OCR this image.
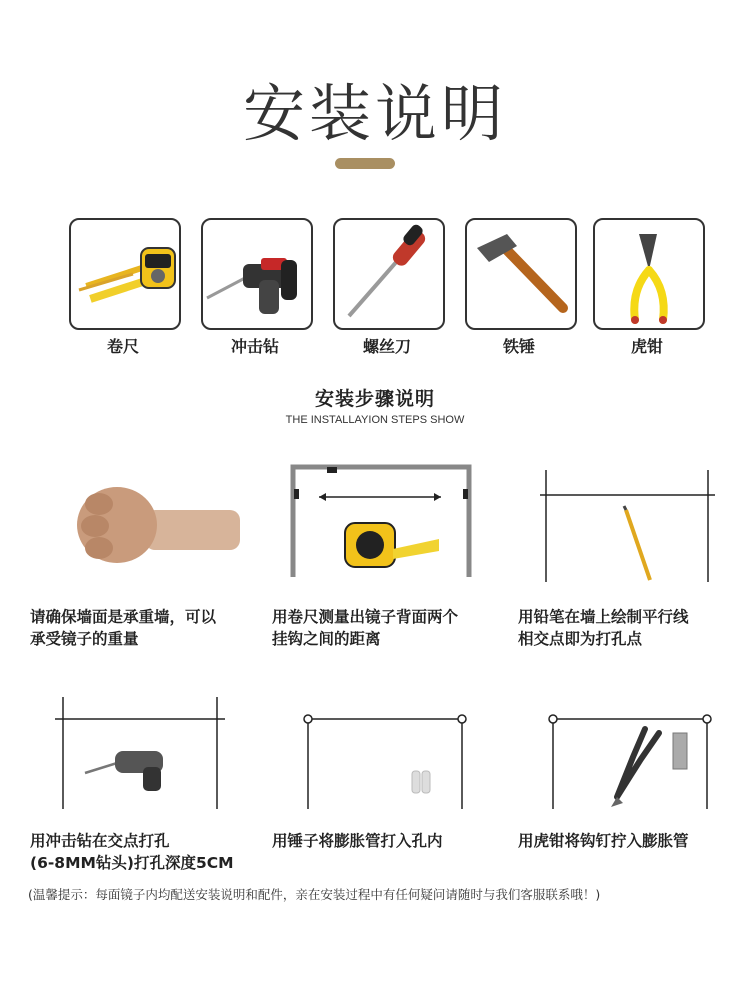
安装说明
卷尺	冲击钻	螺丝刀	铁锤	虎钳
安装步骤说明
THE INSTALLAYION STEPS SHOW
请确保墙面是承重墙，可以
承受镜子的重量
用卷尺测量出镜子背面两个
挂钩之间的距离
用铅笔在墙上绘制平行线
相交点即为打孔点
用冲击钻在交点打孔
(6-8MM钻头)打孔深度5CM
用锤子将膨胀管打入孔内	用虎钳将钩钉拧入膨胀管
(温馨提示：每面镜子内均配送安装说明和配件，亲在安装过程中有任何疑问请随时与我们客服联系哦！)
